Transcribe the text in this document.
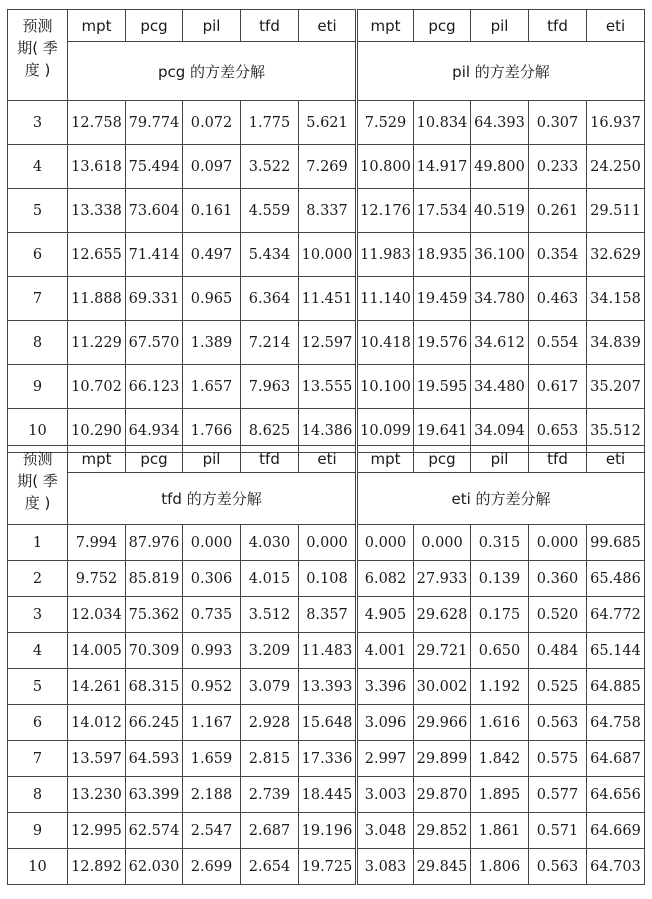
预测
期( 季
度 )	mpt	pcg	pil	tfd	eti	mpt	pcg	pil	tfd	eti
	pcg 的方差分解					pil 的方差分解				
3	12.758	79.774	0.072	1.775	5.621	7.529	10.834	64.393	0.307	16.937
4	13.618	75.494	0.097	3.522	7.269	10.800	14.917	49.800	0.233	24.250
5	13.338	73.604	0.161	4.559	8.337	12.176	17.534	40.519	0.261	29.511
6	12.655	71.414	0.497	5.434	10.000	11.983	18.935	36.100	0.354	32.629
7	11.888	69.331	0.965	6.364	11.451	11.140	19.459	34.780	0.463	34.158
8	11.229	67.570	1.389	7.214	12.597	10.418	19.576	34.612	0.554	34.839
9	10.702	66.123	1.657	7.963	13.555	10.100	19.595	34.480	0.617	35.207
10	10.290	64.934	1.766	8.625	14.386	10.099	19.641	34.094	0.653	35.512
预测
期( 季
度 )	mpt	pcg	pil	tfd	eti	mpt	pcg	pil	tfd	eti
	tfd 的方差分解					eti 的方差分解				
1	7.994	87.976	0.000	4.030	0.000	0.000	0.000	0.315	0.000	99.685
2	9.752	85.819	0.306	4.015	0.108	6.082	27.933	0.139	0.360	65.486
3	12.034	75.362	0.735	3.512	8.357	4.905	29.628	0.175	0.520	64.772
4	14.005	70.309	0.993	3.209	11.483	4.001	29.721	0.650	0.484	65.144
5	14.261	68.315	0.952	3.079	13.393	3.396	30.002	1.192	0.525	64.885
6	14.012	66.245	1.167	2.928	15.648	3.096	29.966	1.616	0.563	64.758
7	13.597	64.593	1.659	2.815	17.336	2.997	29.899	1.842	0.575	64.687
8	13.230	63.399	2.188	2.739	18.445	3.003	29.870	1.895	0.577	64.656
9	12.995	62.574	2.547	2.687	19.196	3.048	29.852	1.861	0.571	64.669
10	12.892	62.030	2.699	2.654	19.725	3.083	29.845	1.806	0.563	64.703
